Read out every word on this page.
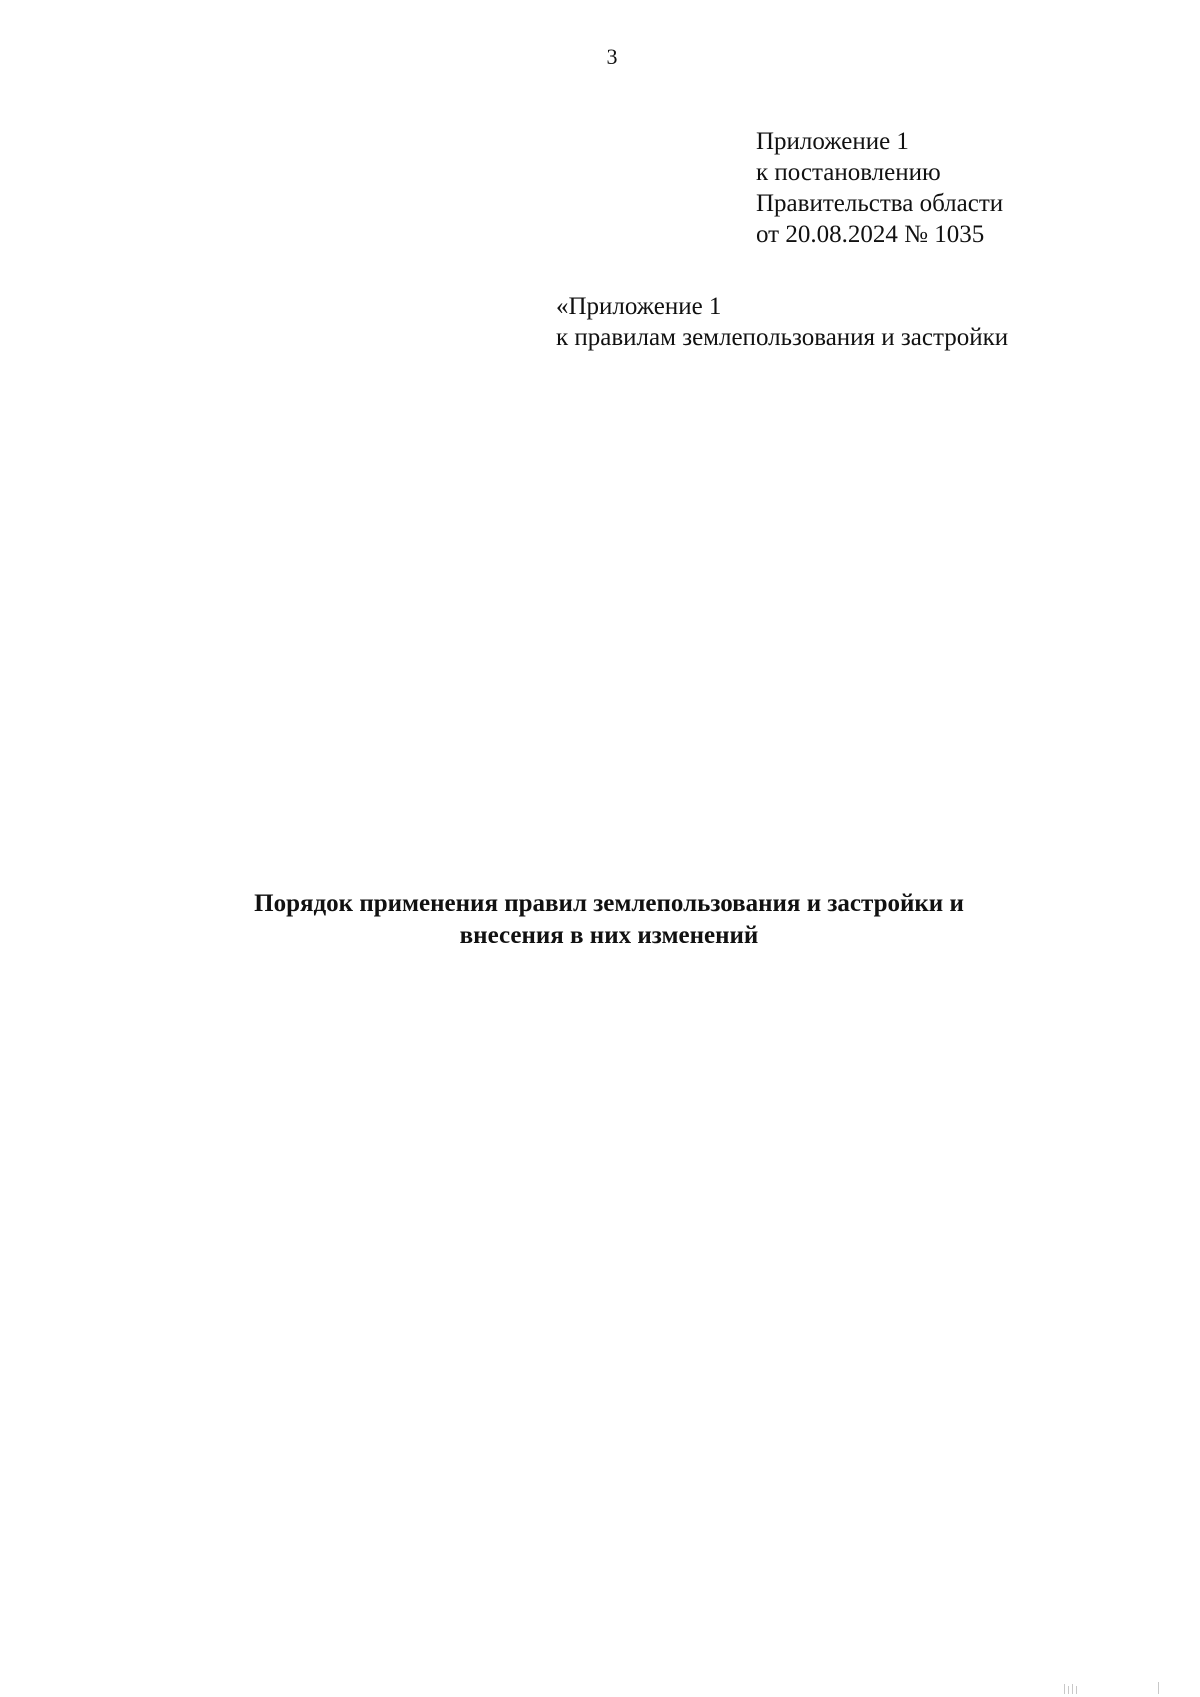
3
Приложение 1
к постановлению
Правительства области
от 20.08.2024 № 1035
«Приложение 1
к правилам землепользования и застройки
Порядок применения правил землепользования и застройки и
внесения в них изменений
